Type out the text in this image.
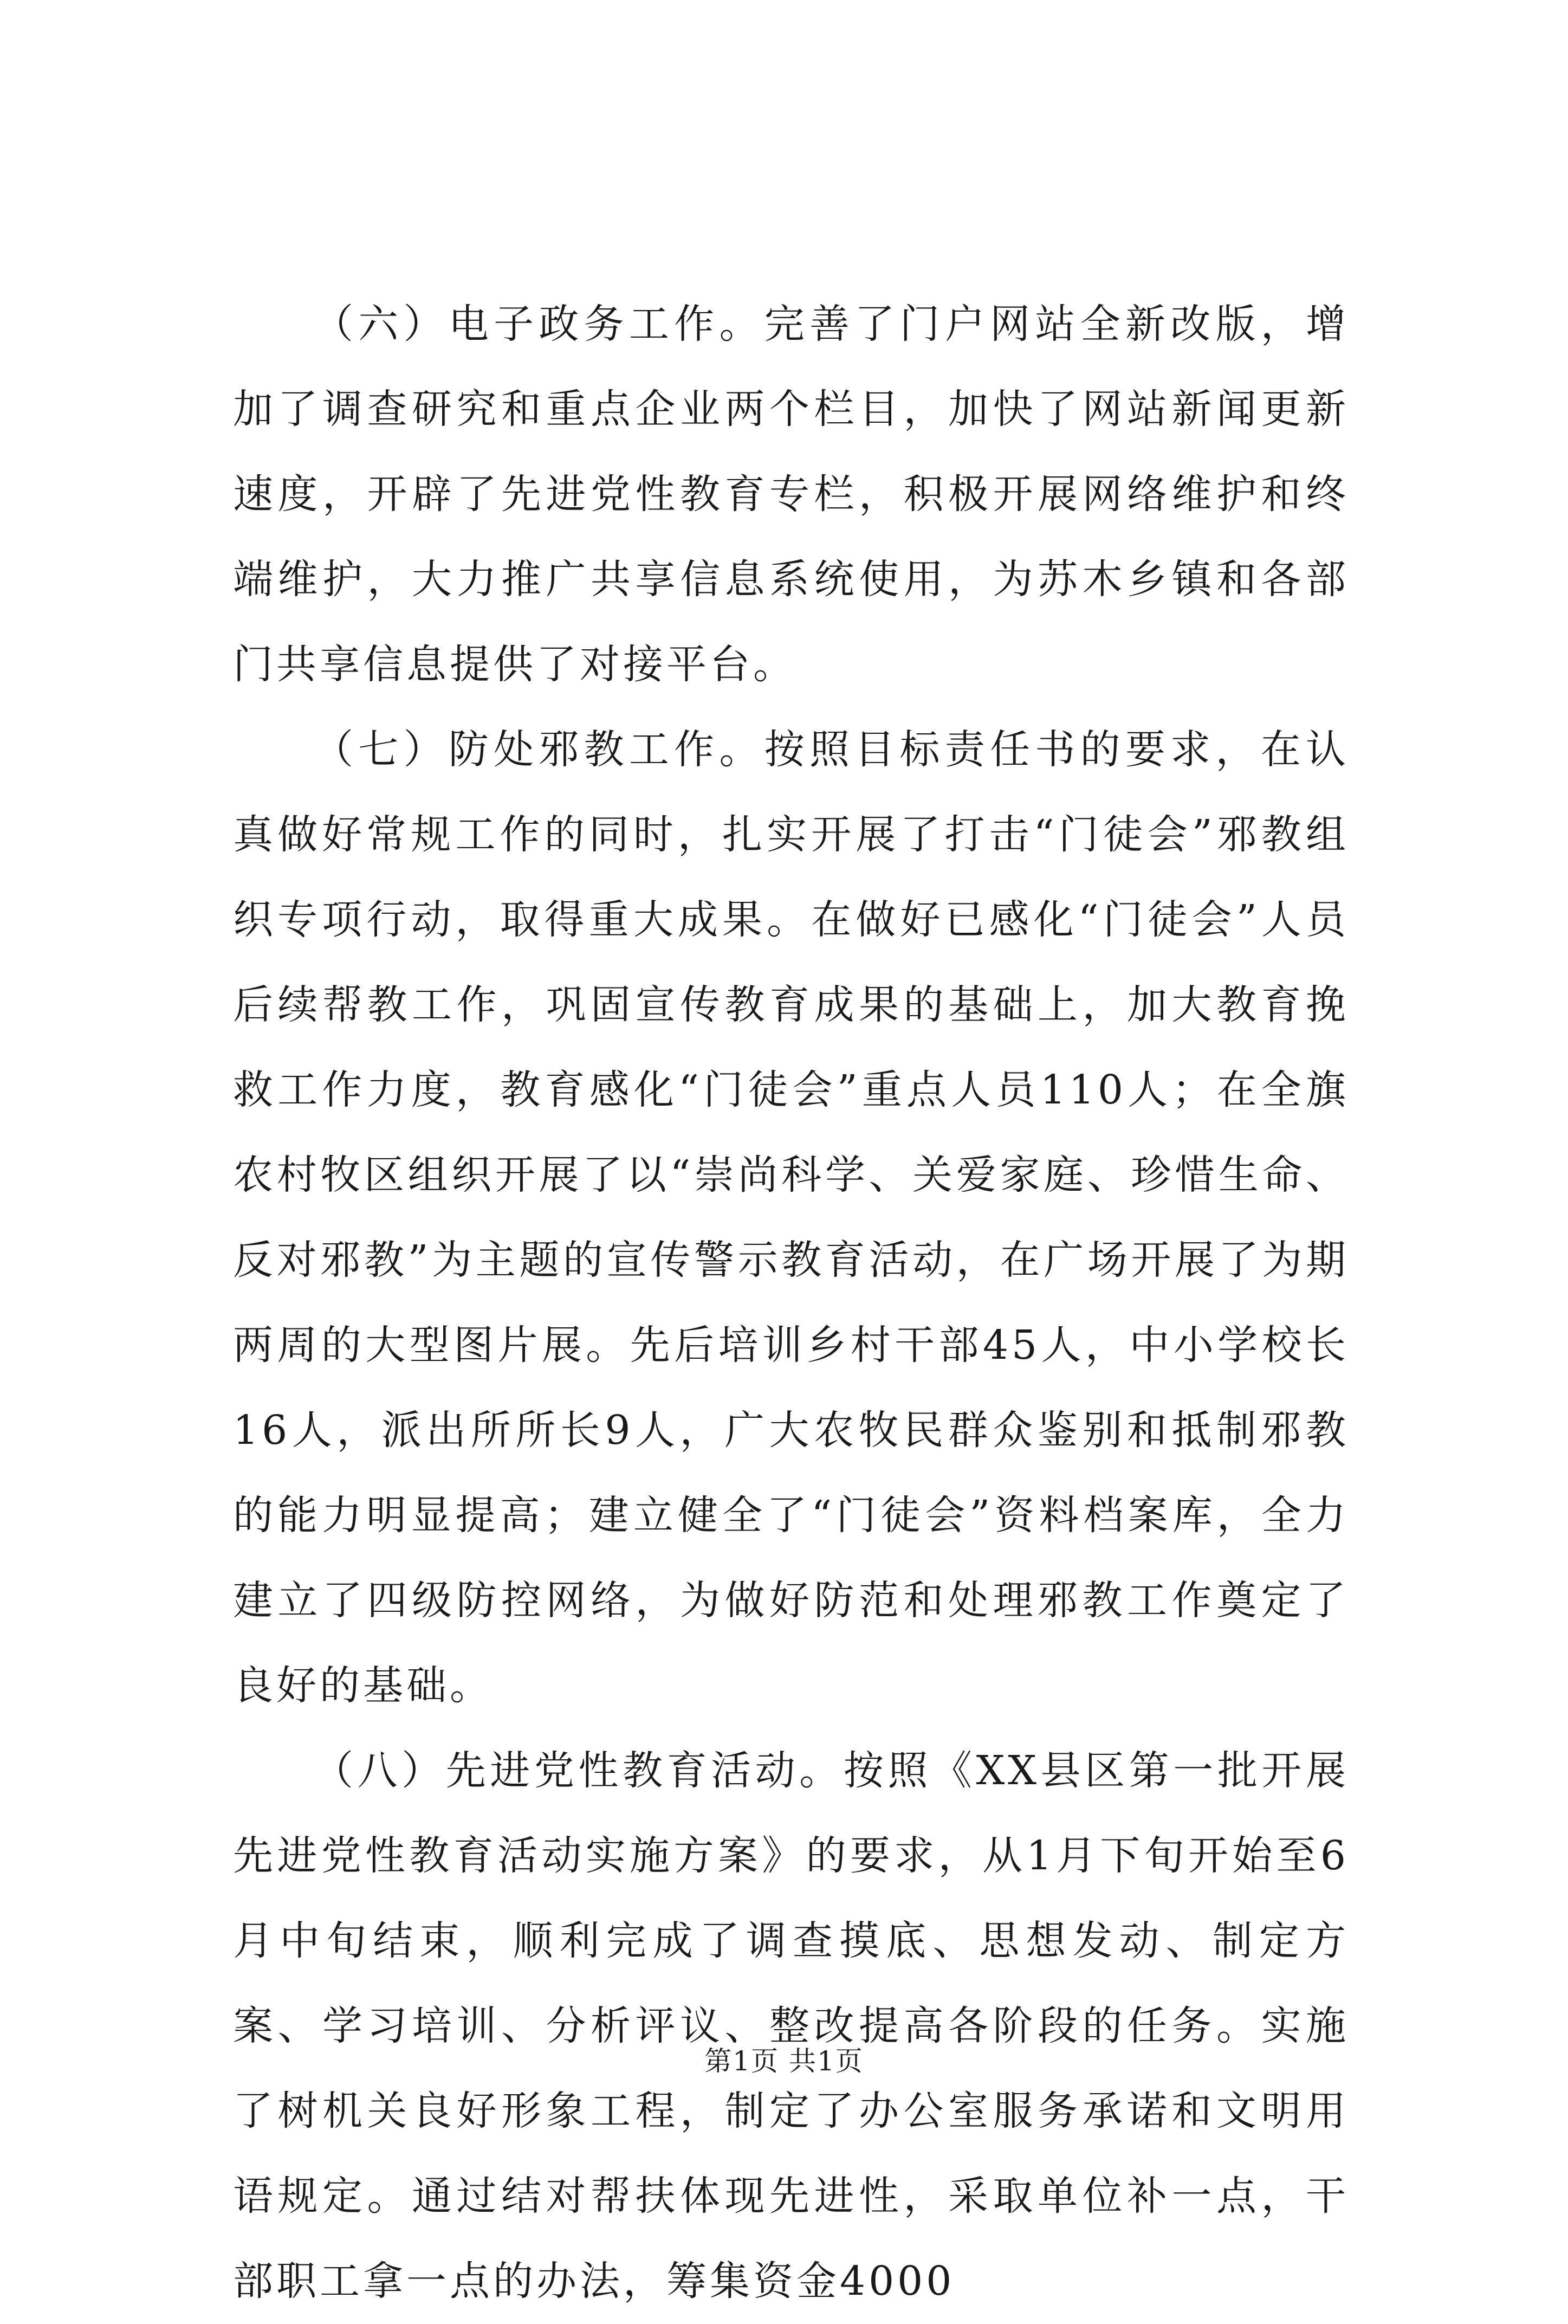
（六）电子政务工作。完善了门户网站全新改版，增加了调查研究和重点企业两个栏目，加快了网站新闻更新速度，开辟了先进党性教育专栏，积极开展网络维护和终端维护，大力推广共享信息系统使用，为苏木乡镇和各部门共享信息提供了对接平台。

（七）防处邪教工作。按照目标责任书的要求，在认真做好常规工作的同时，扎实开展了打击“门徒会”邪教组织专项行动，取得重大成果。在做好已感化“门徒会”人员后续帮教工作，巩固宣传教育成果的基础上，加大教育挽救工作力度，教育感化“门徒会”重点人员110人；在全旗农村牧区组织开展了以“崇尚科学、关爱家庭、珍惜生命、反对邪教”为主题的宣传警示教育活动，在广场开展了为期两周的大型图片展。先后培训乡村干部45人，中小学校长16人，派出所所长9人，广大农牧民群众鉴别和抵制邪教的能力明显提高；建立健全了“门徒会”资料档案库，全力建立了四级防控网络，为做好防范和处理邪教工作奠定了良好的基础。

（八）先进党性教育活动。按照《XX县区第一批开展先进党性教育活动实施方案》的要求，从1月下旬开始至6月中旬结束，顺利完成了调查摸底、思想发动、制定方案、学习培训、分析评议、整改提高各阶段的任务。实施了树机关良好形象工程，制定了办公室服务承诺和文明用语规定。通过结对帮扶体现先进性，采取单位补一点，干部职工拿一点的办法，筹集资金4000

第1页 共1页
